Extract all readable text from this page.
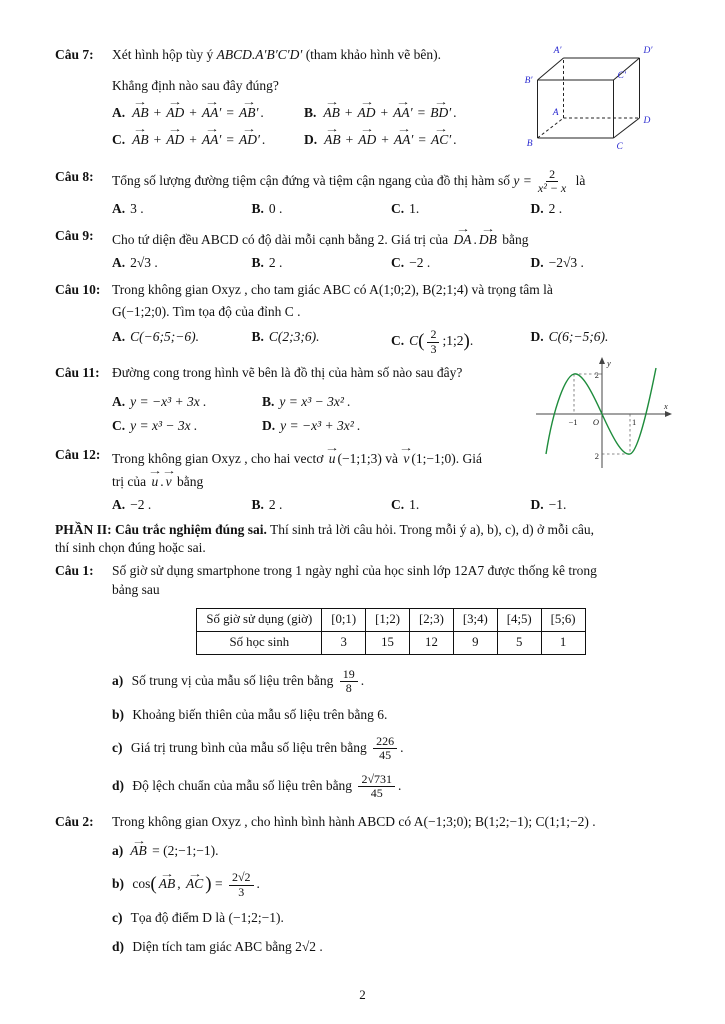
Câu 7:	Xét hình hộp tùy ý ABCD.A′B′C′D′ (tham khảo hình vẽ bên).

Khẳng định nào sau đây đúng?

A. → AB + → AD + → AA′ = → AB′ .	B. → AB + → AD + → AA′ = → BD′ .
C. → AB + → AD + → AA′ = → AD′ .	D. → AB + → AD + → AA′ = → AC′ .
A′	D′
B′	C′
A
D
B	C
Câu 8:	Tổng số lượng đường tiệm cận đứng và tiệm cận ngang của đồ thị hàm số $y = \frac{2}{\text{x² − x}}$ là

A. 3 .	B. 0 .	C. 1.	D. 2 .
Câu 9:	Cho tứ diện đều ABCD có độ dài mỗi cạnh bằng 2. Giá trị của → DA . → DB bằng

A. 2√3 .	B. 2 .	C. −2 .	D. −2√3 .
Câu 10: Trong không gian Oxyz , cho tam giác ABC có A(1;0;2), B(2;1;4) và trọng tâm là

G(−1;2;0). Tìm tọa độ của đỉnh C .

A. C(−6;5;−6).	B. C(2;3;6).	C. $C( \frac{2}{3}$ ;1;2).	D. C(6;−5;6).
Câu 11: Đường cong trong hình vẽ bên là đồ thị của hàm số nào sau đây?

A. y = −x³ + 3x .	B. y = x³ − 3x² .
C. y = x³ − 3x .	D. y = −x³ + 3x² .
y
2
−1 O	1
x
2
Câu 12: Trong không gian Oxyz , cho hai vectơ → u (−1;1;3) và → v (1;−1;0). Giá

trị của → u . → v bằng

A. −2 .	B. 2 .	C. 1.	D. −1.

PHẦN II: Câu trắc nghiệm đúng sai. Thí sinh trả lời câu hỏi. Trong mỗi ý a), b), c), d) ở mỗi câu,

thí sinh chọn đúng hoặc sai.

Câu 1:	Số giờ sử dụng smartphone trong 1 ngày nghỉ của học sinh lớp 12A7 được thống kê trong

bảng sau

Số giờ sử dụng (giờ)	[0;1)	[1;2)	[2;3)	[3;4)	[4;5)	[5;6)
Số học sinh	3	15	12	9	5	1
a) Số trung vị của mẫu số liệu trên bằng $\frac{19}{8}$ .
b) Khoảng biến thiên của mẫu số liệu trên bằng 6.
c) Giá trị trung bình của mẫu số liệu trên bằng $\frac{226}{45}$ .
d) Độ lệch chuẩn của mẫu số liệu trên bằng $\frac{2√731}{45}$ .
Câu 2:	Trong không gian Oxyz , cho hình bình hành ABCD có A(−1;3;0); B(1;2;−1); C(1;1;−2) .

a) → AB = (2;−1;−1).
b) cos( → AB , → AC ) = $\frac{2√2}{3}$ .
c) Tọa độ điểm D là (−1;2;−1).
d) Diện tích tam giác ABC bằng 2√2 .
2
